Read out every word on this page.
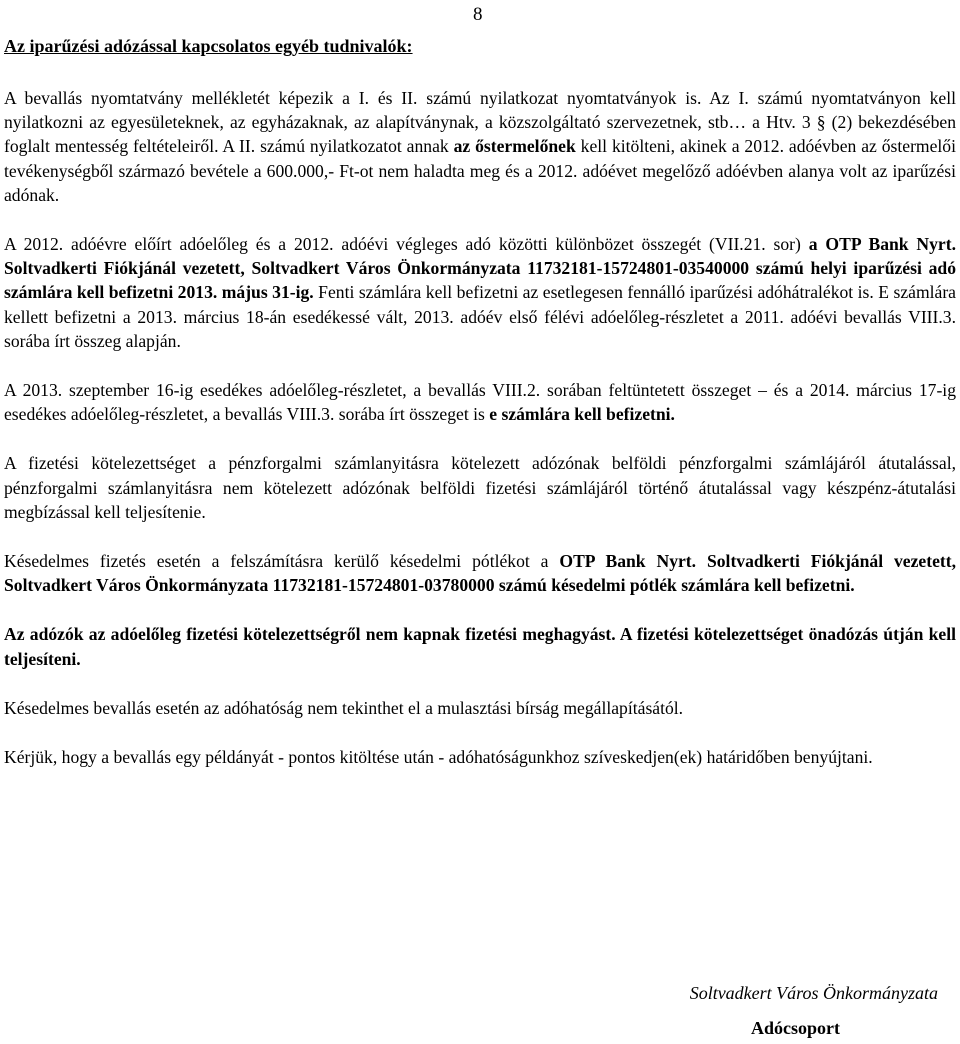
8
Az iparűzési adózással kapcsolatos egyéb tudnivalók:

A bevallás nyomtatvány mellékletét képezik a I. és II. számú nyilatkozat nyomtatványok is. Az I. számú nyomtatványon kell nyilatkozni az egyesületeknek, az egyházaknak, az alapítványnak, a közszolgáltató szervezetnek, stb… a Htv. 3 § (2) bekezdésében foglalt mentesség feltételeiről. A II. számú nyilatkozatot annak az őstermelőnek kell kitölteni, akinek a 2012. adóévben az őstermelői tevékenységből származó bevétele a 600.000,- Ft-ot nem haladta meg és a 2012. adóévet megelőző adóévben alanya volt az iparűzési adónak.

A 2012. adóévre előírt adóelőleg és a 2012. adóévi végleges adó közötti különbözet összegét (VII.21. sor) a OTP Bank Nyrt. Soltvadkerti Fiókjánál vezetett, Soltvadkert Város Önkormányzata 11732181-15724801-03540000 számú helyi iparűzési adó számlára kell befizetni 2013. május 31-ig. Fenti számlára kell befizetni az esetlegesen fennálló iparűzési adóhátralékot is. E számlára kellett befizetni a 2013. március 18-án esedékessé vált, 2013. adóév első félévi adóelőleg-részletet a 2011. adóévi bevallás VIII.3. sorába írt összeg alapján.

A 2013. szeptember 16-ig esedékes adóelőleg-részletet, a bevallás VIII.2. sorában feltüntetett összeget – és a 2014. március 17-ig esedékes adóelőleg-részletet, a bevallás VIII.3. sorába írt összeget is e számlára kell befizetni.

A fizetési kötelezettséget a pénzforgalmi számlanyitásra kötelezett adózónak belföldi pénzforgalmi számlájáról átutalással, pénzforgalmi számlanyitásra nem kötelezett adózónak belföldi fizetési számlájáról történő átutalással vagy készpénz-átutalási megbízással kell teljesítenie.

Késedelmes fizetés esetén a felszámításra kerülő késedelmi pótlékot a OTP Bank Nyrt. Soltvadkerti Fiókjánál vezetett, Soltvadkert Város Önkormányzata 11732181-15724801-03780000 számú késedelmi pótlék számlára kell befizetni.

Az adózók az adóelőleg fizetési kötelezettségről nem kapnak fizetési meghagyást. A fizetési kötelezettséget önadózás útján kell teljesíteni.

Késedelmes bevallás esetén az adóhatóság nem tekinthet el a mulasztási bírság megállapításától.

Kérjük, hogy a bevallás egy példányát - pontos kitöltése után - adóhatóságunkhoz szíveskedjen(ek) határidőben benyújtani.

Soltvadkert Város Önkormányzata
Adócsoport
